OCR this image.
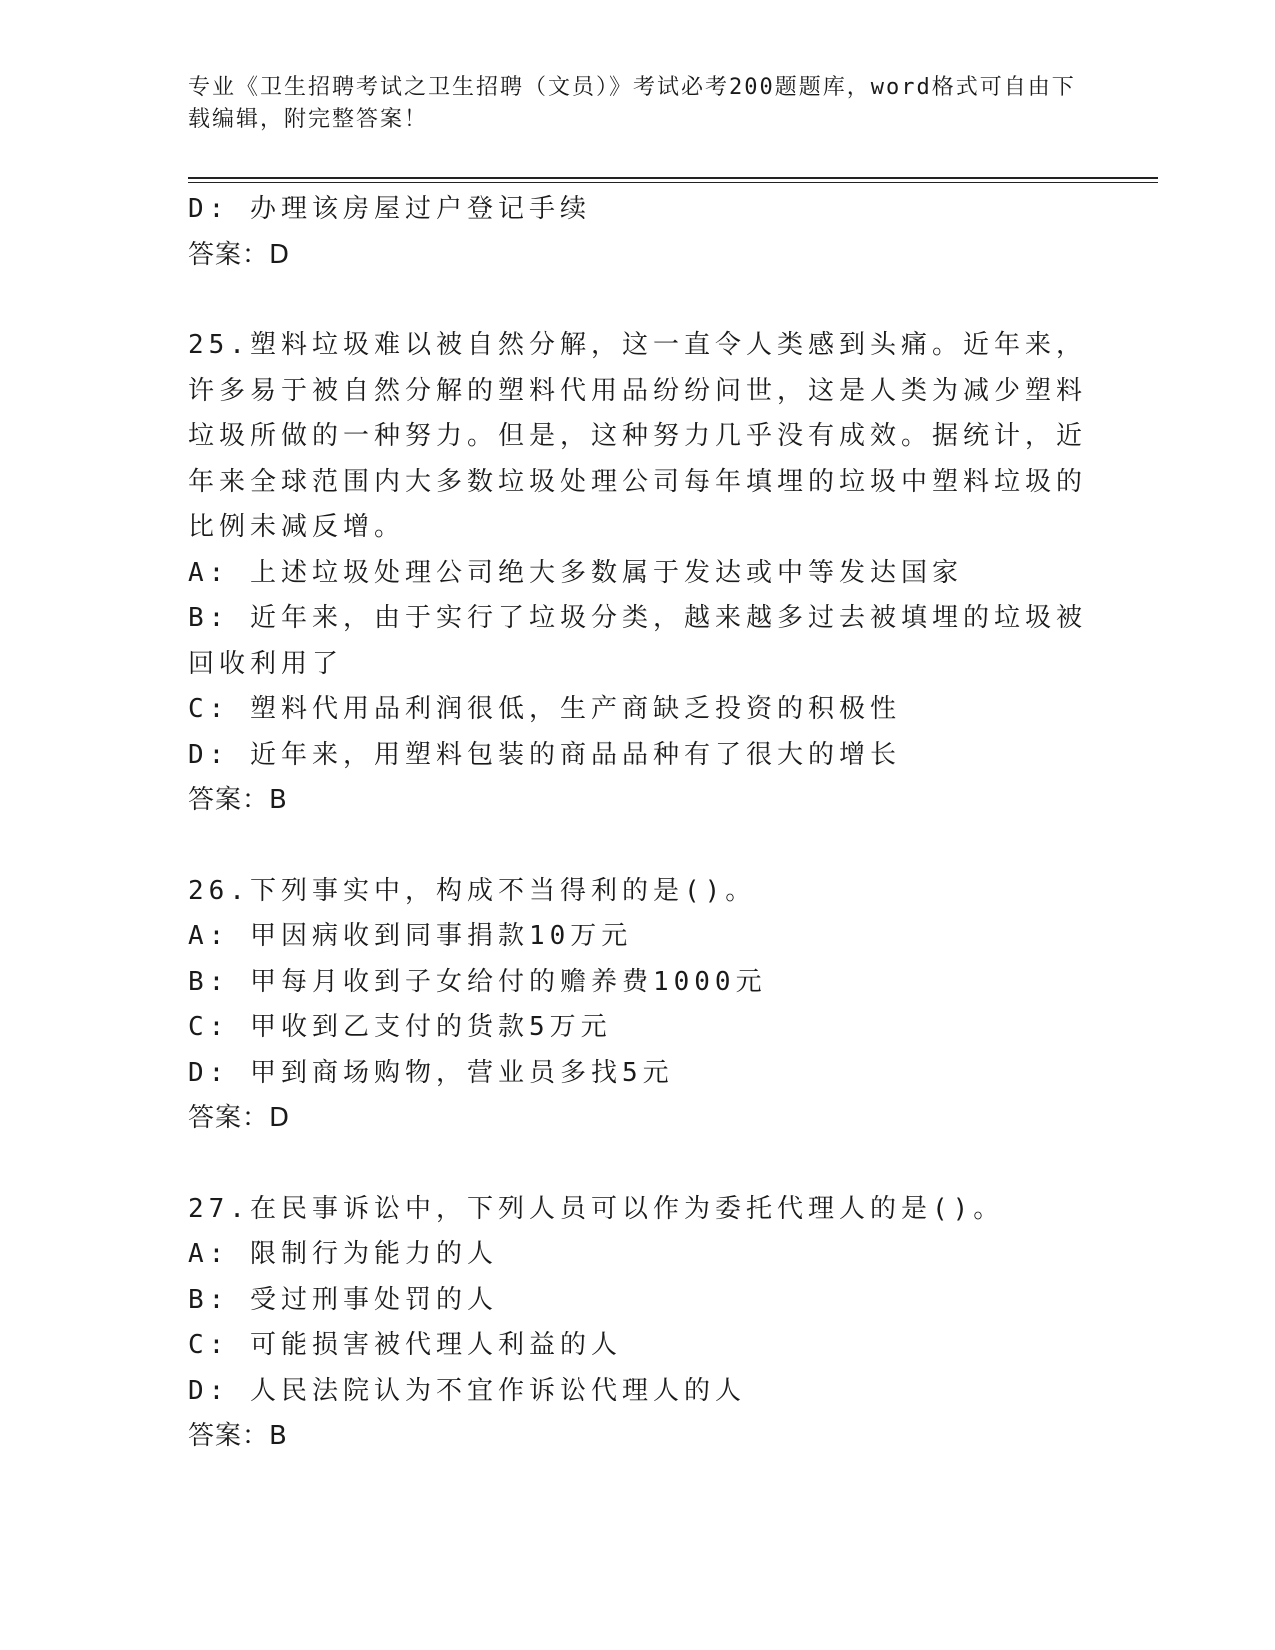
专业《卫生招聘考试之卫生招聘（文员）》考试必考200题题库，word格式可自由下载编辑，附完整答案！
D: 办理该房屋过户登记手续
答案：D
25.塑料垃圾难以被自然分解，这一直令人类感到头痛。近年来，许多易于被自然分解的塑料代用品纷纷问世，这是人类为减少塑料垃圾所做的一种努力。但是，这种努力几乎没有成效。据统计，近年来全球范围内大多数垃圾处理公司每年填埋的垃圾中塑料垃圾的比例未减反增。
A: 上述垃圾处理公司绝大多数属于发达或中等发达国家
B: 近年来，由于实行了垃圾分类，越来越多过去被填埋的垃圾被回收利用了
C: 塑料代用品利润很低，生产商缺乏投资的积极性
D: 近年来，用塑料包装的商品品种有了很大的增长
答案：B
26.下列事实中，构成不当得利的是()。
A: 甲因病收到同事捐款10万元
B: 甲每月收到子女给付的赡养费1000元
C: 甲收到乙支付的货款5万元
D: 甲到商场购物，营业员多找5元
答案：D
27.在民事诉讼中，下列人员可以作为委托代理人的是()。
A: 限制行为能力的人
B: 受过刑事处罚的人
C: 可能损害被代理人利益的人
D: 人民法院认为不宜作诉讼代理人的人
答案：B
